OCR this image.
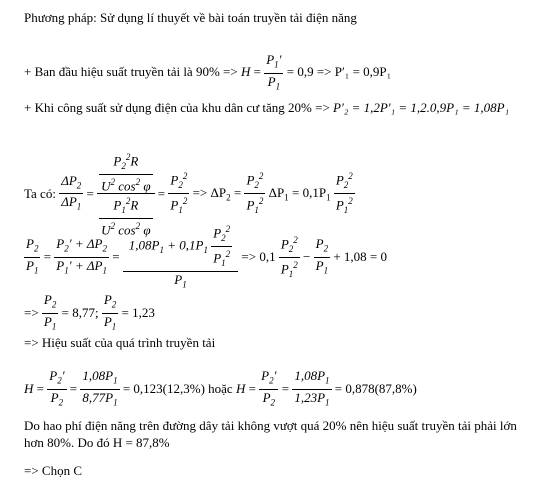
Phương pháp: Sử dụng lí thuyết về bài toán truyền tải điện năng
+ Ban đầu hiệu suất truyền tải là $90\% => H = \frac{P_1'}{P_1} = 0,9 => P'_1 = 0,9P_1$
+ Khi công suất sử dụng điện của khu dân cư tăng 20% => P′₂ = 1,2P′₁ = 1,2.0,9P₁ = 1,08P₁
Ta có: $\frac{\Delta P_2}{\Delta P_1} = \frac{\frac{P_2^2R}{U^2 \cos^2 \varphi}}{\frac{P_1^2R}{U^2 \cos^2 \varphi}} = \frac{P_2^2}{P_1^2} => \Delta P_2 = \frac{P_2^2}{P_1^2} \Delta P_1 = 0,1P_1 \frac{P_2^2}{P_1^2}$
$\frac{P_2}{P_1} = \frac{P_2' + \Delta P_2}{P_1' + \Delta P_1} = \frac{1,08P_1 + 0,1P_1 \frac{P_2^2}{P_1^2}}{P_1} => 0,1 \frac{P_2^2}{P_1^2} - \frac{P_2}{P_1} + 1,08 = 0$
=> $\frac{P_2}{P_1} = 8,77$; $\frac{P_2}{P_1} = 1,23$
=> Hiệu suất của quá trình truyền tải
$H = \frac{P_2'}{P_2} = \frac{1,08P_1}{8,77P_1} = 0,123(12,3\%)$ hoặc $H = \frac{P_2'}{P_2} = \frac{1,08P_1}{1,23P_1} = 0,878(87,8\%)$
Do hao phí điện năng trên đường dây tải không vượt quá 20% nên hiệu suất truyền tải phải lớn hơn 80%. Do đó H = 87,8%
=> Chọn C
